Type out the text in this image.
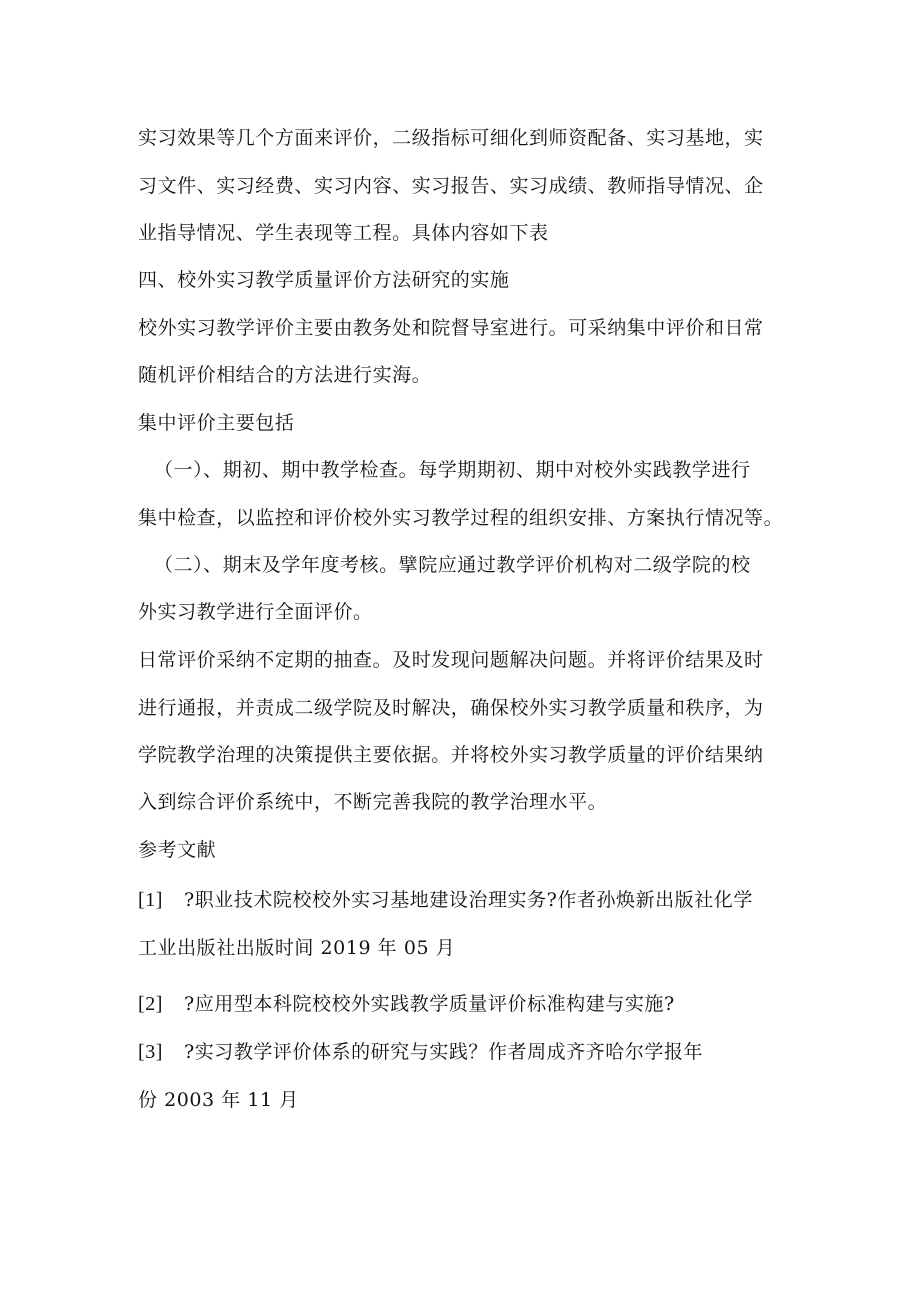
实习效果等几个方面来评价，二级指标可细化到师资配备、实习基地，实
习文件、实习经费、实习内容、实习报告、实习成绩、教师指导情况、企
业指导情况、学生表现等工程。具体内容如下表
四、校外实习教学质量评价方法研究的实施
校外实习教学评价主要由教务处和院督导室进行。可采纳集中评价和日常
随机评价相结合的方法进行实海。
集中评价主要包括
（一）、期初、期中教学检查。每学期期初、期中对校外实践教学进行
集中检查，以监控和评价校外实习教学过程的组织安排、方案执行情况等。
（二）、期末及学年度考核。擘院应通过教学评价机构对二级学院的校
外实习教学进行全面评价。
日常评价采纳不定期的抽查。及时发现问题解决问题。并将评价结果及时
进行通报，并责成二级学院及时解决，确保校外实习教学质量和秩序，为
学院教学治理的决策提供主要依据。并将校外实习教学质量的评价结果纳
入到综合评价系统中，不断完善我院的教学治理水平。
参考文献
[1] ?职业技术院校校外实习基地建设治理实务?作者孙焕新出版社化学
工业出版社出版时间 2019 年 05 月
[2] ?应用型本科院校校外实践教学质量评价标准构建与实施?
[3] ?实习教学评价体系的研究与实践？作者周成齐齐哈尔学报年
份 2003 年 11 月
